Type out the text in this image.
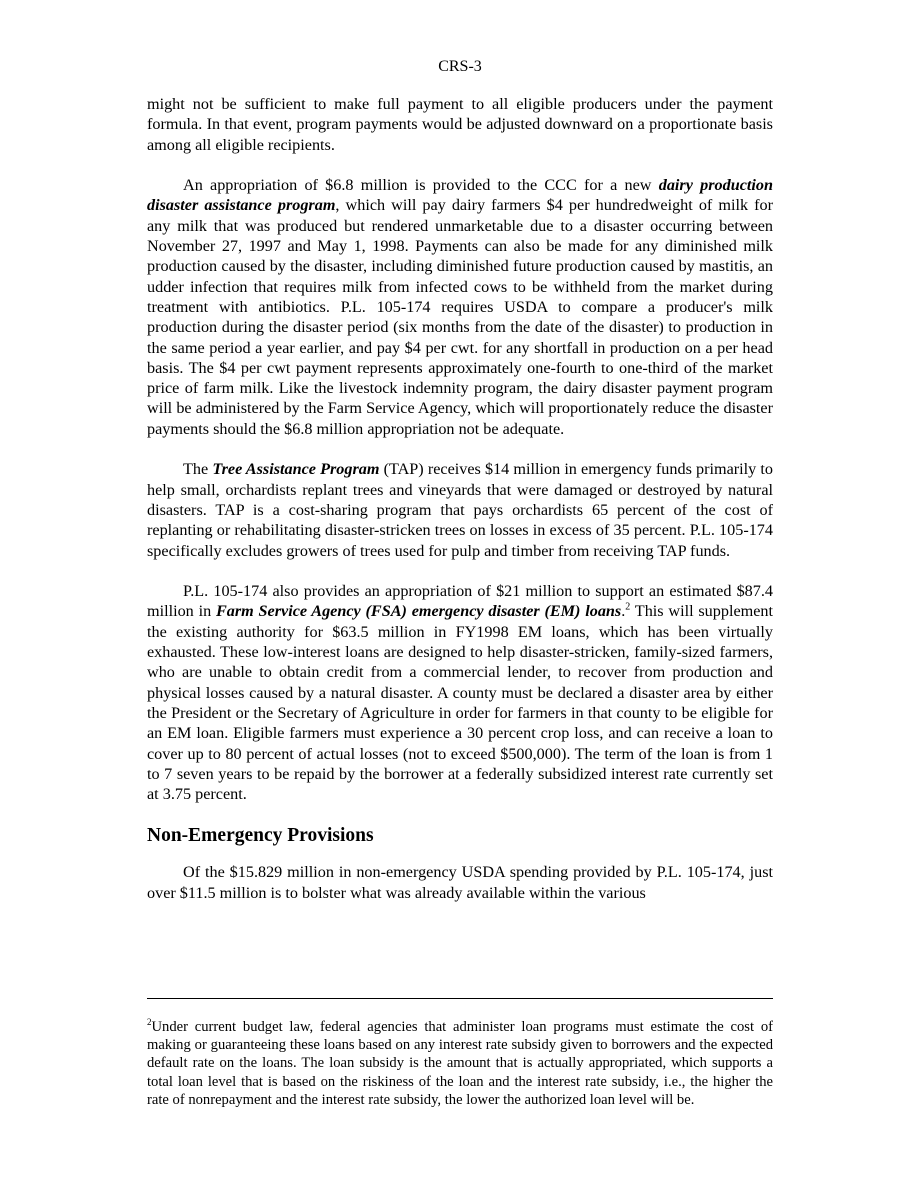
CRS-3

might not be sufficient to make full payment to all eligible producers under the payment formula. In that event, program payments would be adjusted downward on a proportionate basis among all eligible recipients.

An appropriation of $6.8 million is provided to the CCC for a new dairy production disaster assistance program, which will pay dairy farmers $4 per hundredweight of milk for any milk that was produced but rendered unmarketable due to a disaster occurring between November 27, 1997 and May 1, 1998. Payments can also be made for any diminished milk production caused by the disaster, including diminished future production caused by mastitis, an udder infection that requires milk from infected cows to be withheld from the market during treatment with antibiotics. P.L. 105-174 requires USDA to compare a producer's milk production during the disaster period (six months from the date of the disaster) to production in the same period a year earlier, and pay $4 per cwt. for any shortfall in production on a per head basis. The $4 per cwt payment represents approximately one-fourth to one-third of the market price of farm milk. Like the livestock indemnity program, the dairy disaster payment program will be administered by the Farm Service Agency, which will proportionately reduce the disaster payments should the $6.8 million appropriation not be adequate.

The Tree Assistance Program (TAP) receives $14 million in emergency funds primarily to help small, orchardists replant trees and vineyards that were damaged or destroyed by natural disasters. TAP is a cost-sharing program that pays orchardists 65 percent of the cost of replanting or rehabilitating disaster-stricken trees on losses in excess of 35 percent. P.L. 105-174 specifically excludes growers of trees used for pulp and timber from receiving TAP funds.

P.L. 105-174 also provides an appropriation of $21 million to support an estimated $87.4 million in Farm Service Agency (FSA) emergency disaster (EM) loans.$^2$ This will supplement the existing authority for $63.5 million in FY1998 EM loans, which has been virtually exhausted. These low-interest loans are designed to help disaster-stricken, family-sized farmers, who are unable to obtain credit from a commercial lender, to recover from production and physical losses caused by a natural disaster. A county must be declared a disaster area by either the President or the Secretary of Agriculture in order for farmers in that county to be eligible for an EM loan. Eligible farmers must experience a 30 percent crop loss, and can receive a loan to cover up to 80 percent of actual losses (not to exceed $500,000). The term of the loan is from 1 to 7 seven years to be repaid by the borrower at a federally subsidized interest rate currently set at 3.75 percent.

Non-Emergency Provisions

Of the $15.829 million in non-emergency USDA spending provided by P.L. 105-174, just over $11.5 million is to bolster what was already available within the various

$^2$Under current budget law, federal agencies that administer loan programs must estimate the cost of making or guaranteeing these loans based on any interest rate subsidy given to borrowers and the expected default rate on the loans. The loan subsidy is the amount that is actually appropriated, which supports a total loan level that is based on the riskiness of the loan and the interest rate subsidy, i.e., the higher the rate of nonrepayment and the interest rate subsidy, the lower the authorized loan level will be.
